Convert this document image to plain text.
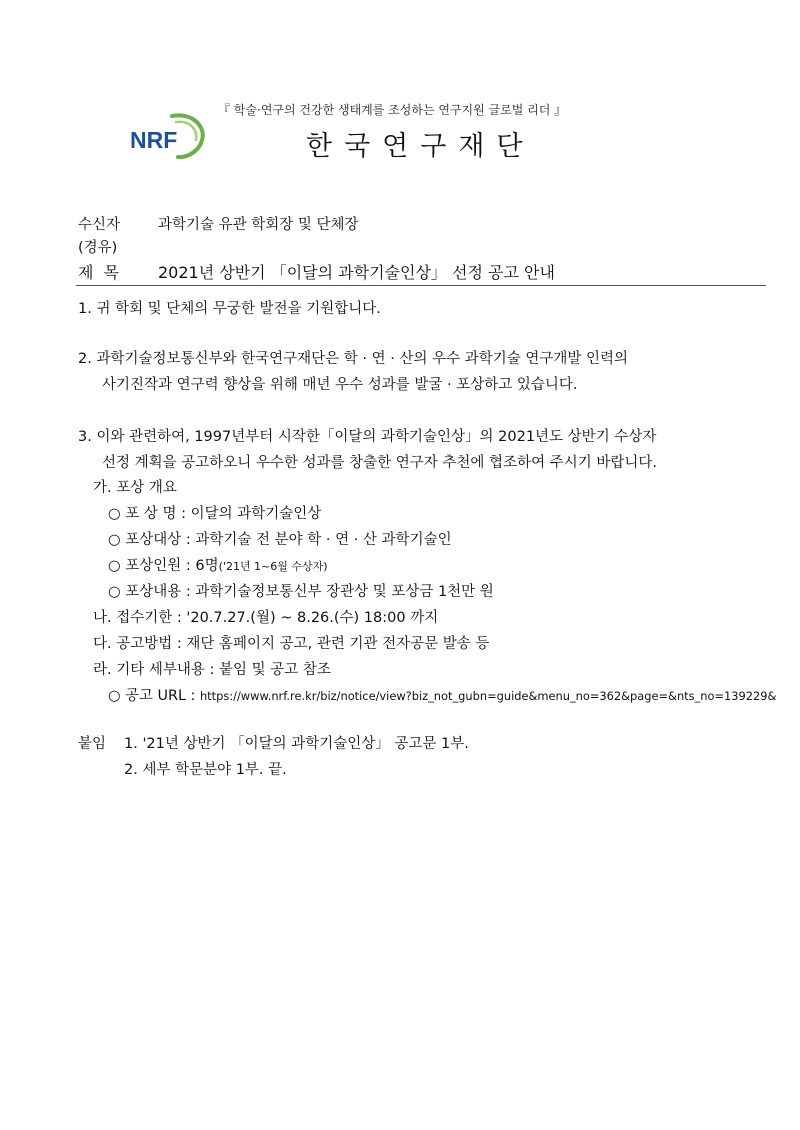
『 학술·연구의 건강한 생태계를 조성하는 연구지원 글로벌 리더 』
NRF	한국연구재단
수신자	과학기술 유관 학회장 및 단체장
(경유)
제  목 2021년 상반기 「이달의 과학기술인상」 선정 공고 안내
1. 귀 학회 및 단체의 무궁한 발전을 기원합니다.
2. 과학기술정보통신부와 한국연구재단은 학 · 연 · 산의 우수 과학기술 연구개발 인력의
사기진작과 연구력 향상을 위해 매년 우수 성과를 발굴 · 포상하고 있습니다.
3. 이와 관련하여, 1997년부터 시작한「이달의 과학기술인상」의 2021년도 상반기 수상자
선정 계획을 공고하오니 우수한 성과를 창출한 연구자 추천에 협조하여 주시기 바랍니다.
가. 포상 개요
○ 포 상 명 : 이달의 과학기술인상
○ 포상대상 : 과학기술 전 분야 학 · 연 · 산 과학기술인
○ 포상인원 : 6명('21년 1~6월 수상자)
○ 포상내용 : 과학기술정보통신부 장관상 및 포상금 1천만 원
나. 접수기한 : '20.7.27.(월) ~ 8.26.(수) 18:00 까지
다. 공고방법 : 재단 홈페이지 공고, 관련 기관 전자공문 발송 등
라. 기타 세부내용 : 붙임 및 공고 참조
○ 공고 URL : https://www.nrf.re.kr/biz/notice/view?biz_not_gubn=guide&menu_no=362&page=&nts_no=139229&
붙임 1. '21년 상반기 「이달의 과학기술인상」 공고문 1부.
2. 세부 학문분야 1부. 끝.
